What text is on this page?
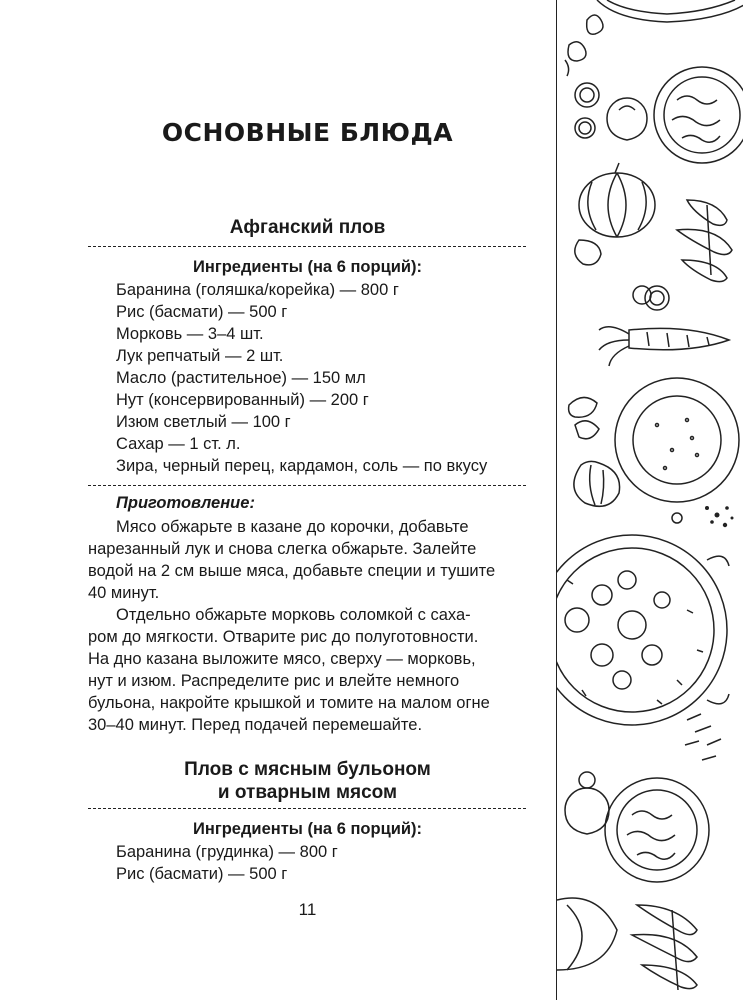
ОСНОВНЫЕ БЛЮДА
Афганский плов

Ингредиенты (на 6 порций):

Баранина (голяшка/корейка) — 800 г
Рис (басмати) — 500 г
Морковь — 3–4 шт.
Лук репчатый — 2 шт.
Масло (растительное) — 150 мл
Нут (консервированный) — 200 г
Изюм светлый — 100 г
Сахар — 1 ст. л.
Зира, черный перец, кардамон, соль — по вкусу

Приготовление:

Мясо обжарьте в казане до корочки, добавьте
нарезанный лук и снова слегка обжарьте. Залейте
водой на 2 см выше мяса, добавьте специи и тушите
40 минут.

Отдельно обжарьте морковь соломкой с саха-
ром до мягкости. Отварите рис до полуготовности.
На дно казана выложите мясо, сверху — морковь,
нут и изюм. Распределите рис и влейте немного
бульона, накройте крышкой и томите на малом огне
30–40 минут. Перед подачей перемешайте.

Плов с мясным бульоном
и отварным мясом

Ингредиенты (на 6 порций):

Баранина (грудинка) — 800 г
Рис (басмати) — 500 г
11
